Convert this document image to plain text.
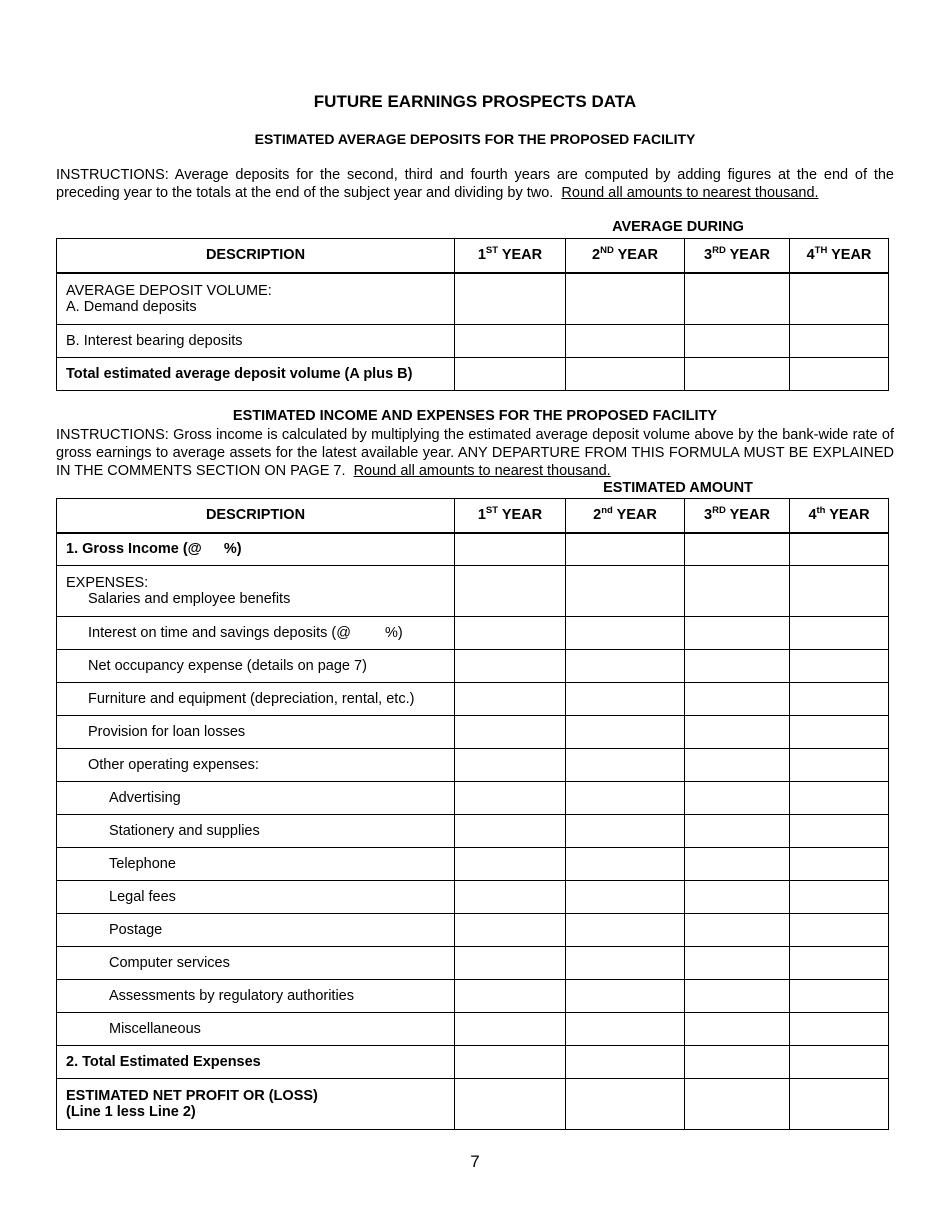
FUTURE EARNINGS PROSPECTS DATA
ESTIMATED AVERAGE DEPOSITS FOR THE PROPOSED FACILITY
INSTRUCTIONS: Average deposits for the second, third and fourth years are computed by adding figures at the end of the preceding year to the totals at the end of the subject year and dividing by two. Round all amounts to nearest thousand.
AVERAGE DURING
DESCRIPTION	1ST YEAR	2ND YEAR	3RD YEAR	4TH YEAR

AVERAGE DEPOSIT VOLUME:
A. Demand deposits				

B. Interest bearing deposits				
Total estimated average deposit volume (A plus B)				
ESTIMATED INCOME AND EXPENSES FOR THE PROPOSED FACILITY
INSTRUCTIONS: Gross income is calculated by multiplying the estimated average deposit volume above by the bank-wide rate of gross earnings to average assets for the latest available year. ANY DEPARTURE FROM THIS FORMULA MUST BE EXPLAINED IN THE COMMENTS SECTION ON PAGE 7. Round all amounts to nearest thousand.
ESTIMATED AMOUNT
DESCRIPTION	1ST YEAR	2nd YEAR	3RD YEAR	4th YEAR
1. Gross Income (@ %)				

EXPENSES:
Salaries and employee benefits				

Interest on time and savings deposits (@ %)				
Net occupancy expense (details on page 7)				
Furniture and equipment (depreciation, rental, etc.)				
Provision for loan losses				
Other operating expenses:				
Advertising				
Stationery and supplies				
Telephone				
Legal fees				
Postage				
Computer services				
Assessments by regulatory authorities				
Miscellaneous				
2. Total Estimated Expenses				

ESTIMATED NET PROFIT OR (LOSS)
(Line 1 less Line 2)				

7
